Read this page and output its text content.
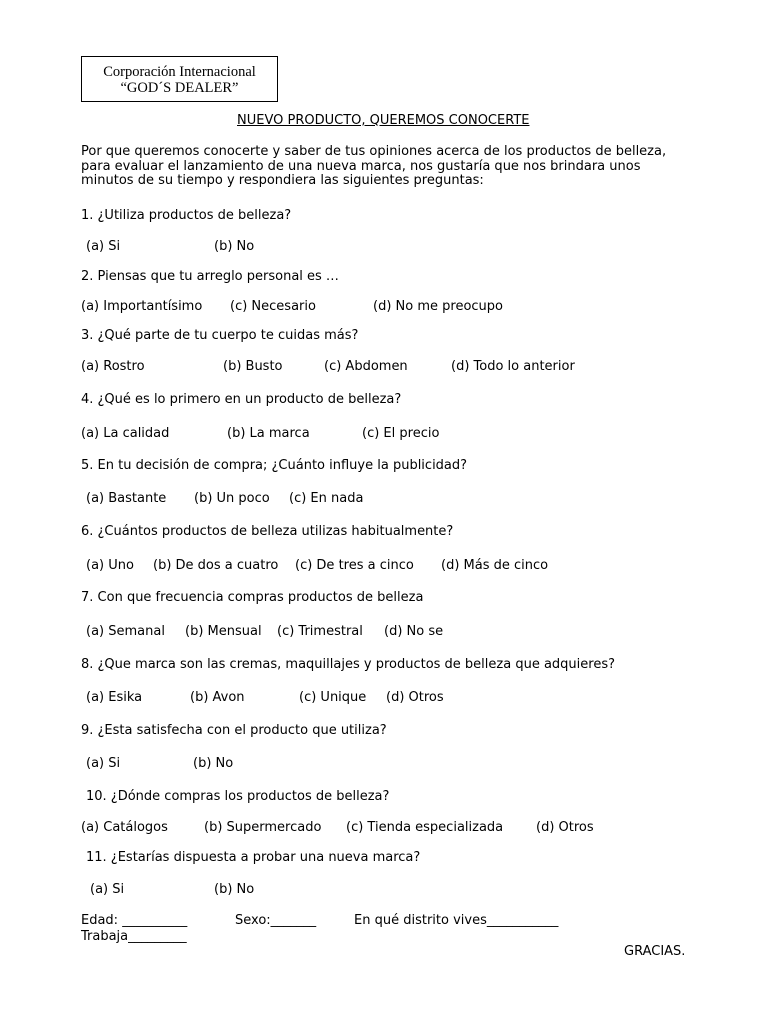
Corporación Internacional
“GOD´S DEALER”
NUEVO PRODUCTO, QUEREMOS CONOCERTE
Por que queremos conocerte y saber de tus opiniones acerca de los productos de belleza,
para evaluar el lanzamiento de una nueva marca, nos gustaría que nos brindara unos
minutos de su tiempo y respondiera las siguientes preguntas:
1. ¿Utiliza productos de belleza?
(a) Si	(b) No
2. Piensas que tu arreglo personal es …
(a) Importantísimo (c) Necesario	(d) No me preocupo
3. ¿Qué parte de tu cuerpo te cuidas más?
(a) Rostro	(b) Busto	(c) Abdomen	(d) Todo lo anterior
4. ¿Qué es lo primero en un producto de belleza?
(a) La calidad	(b) La marca	(c) El precio
5. En tu decisión de compra; ¿Cuánto influye la publicidad?
(a) Bastante (b) Un poco (c) En nada
6. ¿Cuántos productos de belleza utilizas habitualmente?
(a) Uno (b) De dos a cuatro (c) De tres a cinco (d) Más de cinco
7. Con que frecuencia compras productos de belleza
(a) Semanal (b) Mensual (c) Trimestral (d) No se
8. ¿Que marca son las cremas, maquillajes y productos de belleza que adquieres?
(a) Esika	(b) Avon	(c) Unique (d) Otros
9. ¿Esta satisfecha con el producto que utiliza?
(a) Si	(b) No
10. ¿Dónde compras los productos de belleza?
(a) Catálogos	(b) Supermercado (c) Tienda especializada	(d) Otros
11. ¿Estarías dispuesta a probar una nueva marca?
(a) Si	(b) No
Edad: __________	Sexo:_______	En qué distrito vives___________
Trabaja_________
GRACIAS.
